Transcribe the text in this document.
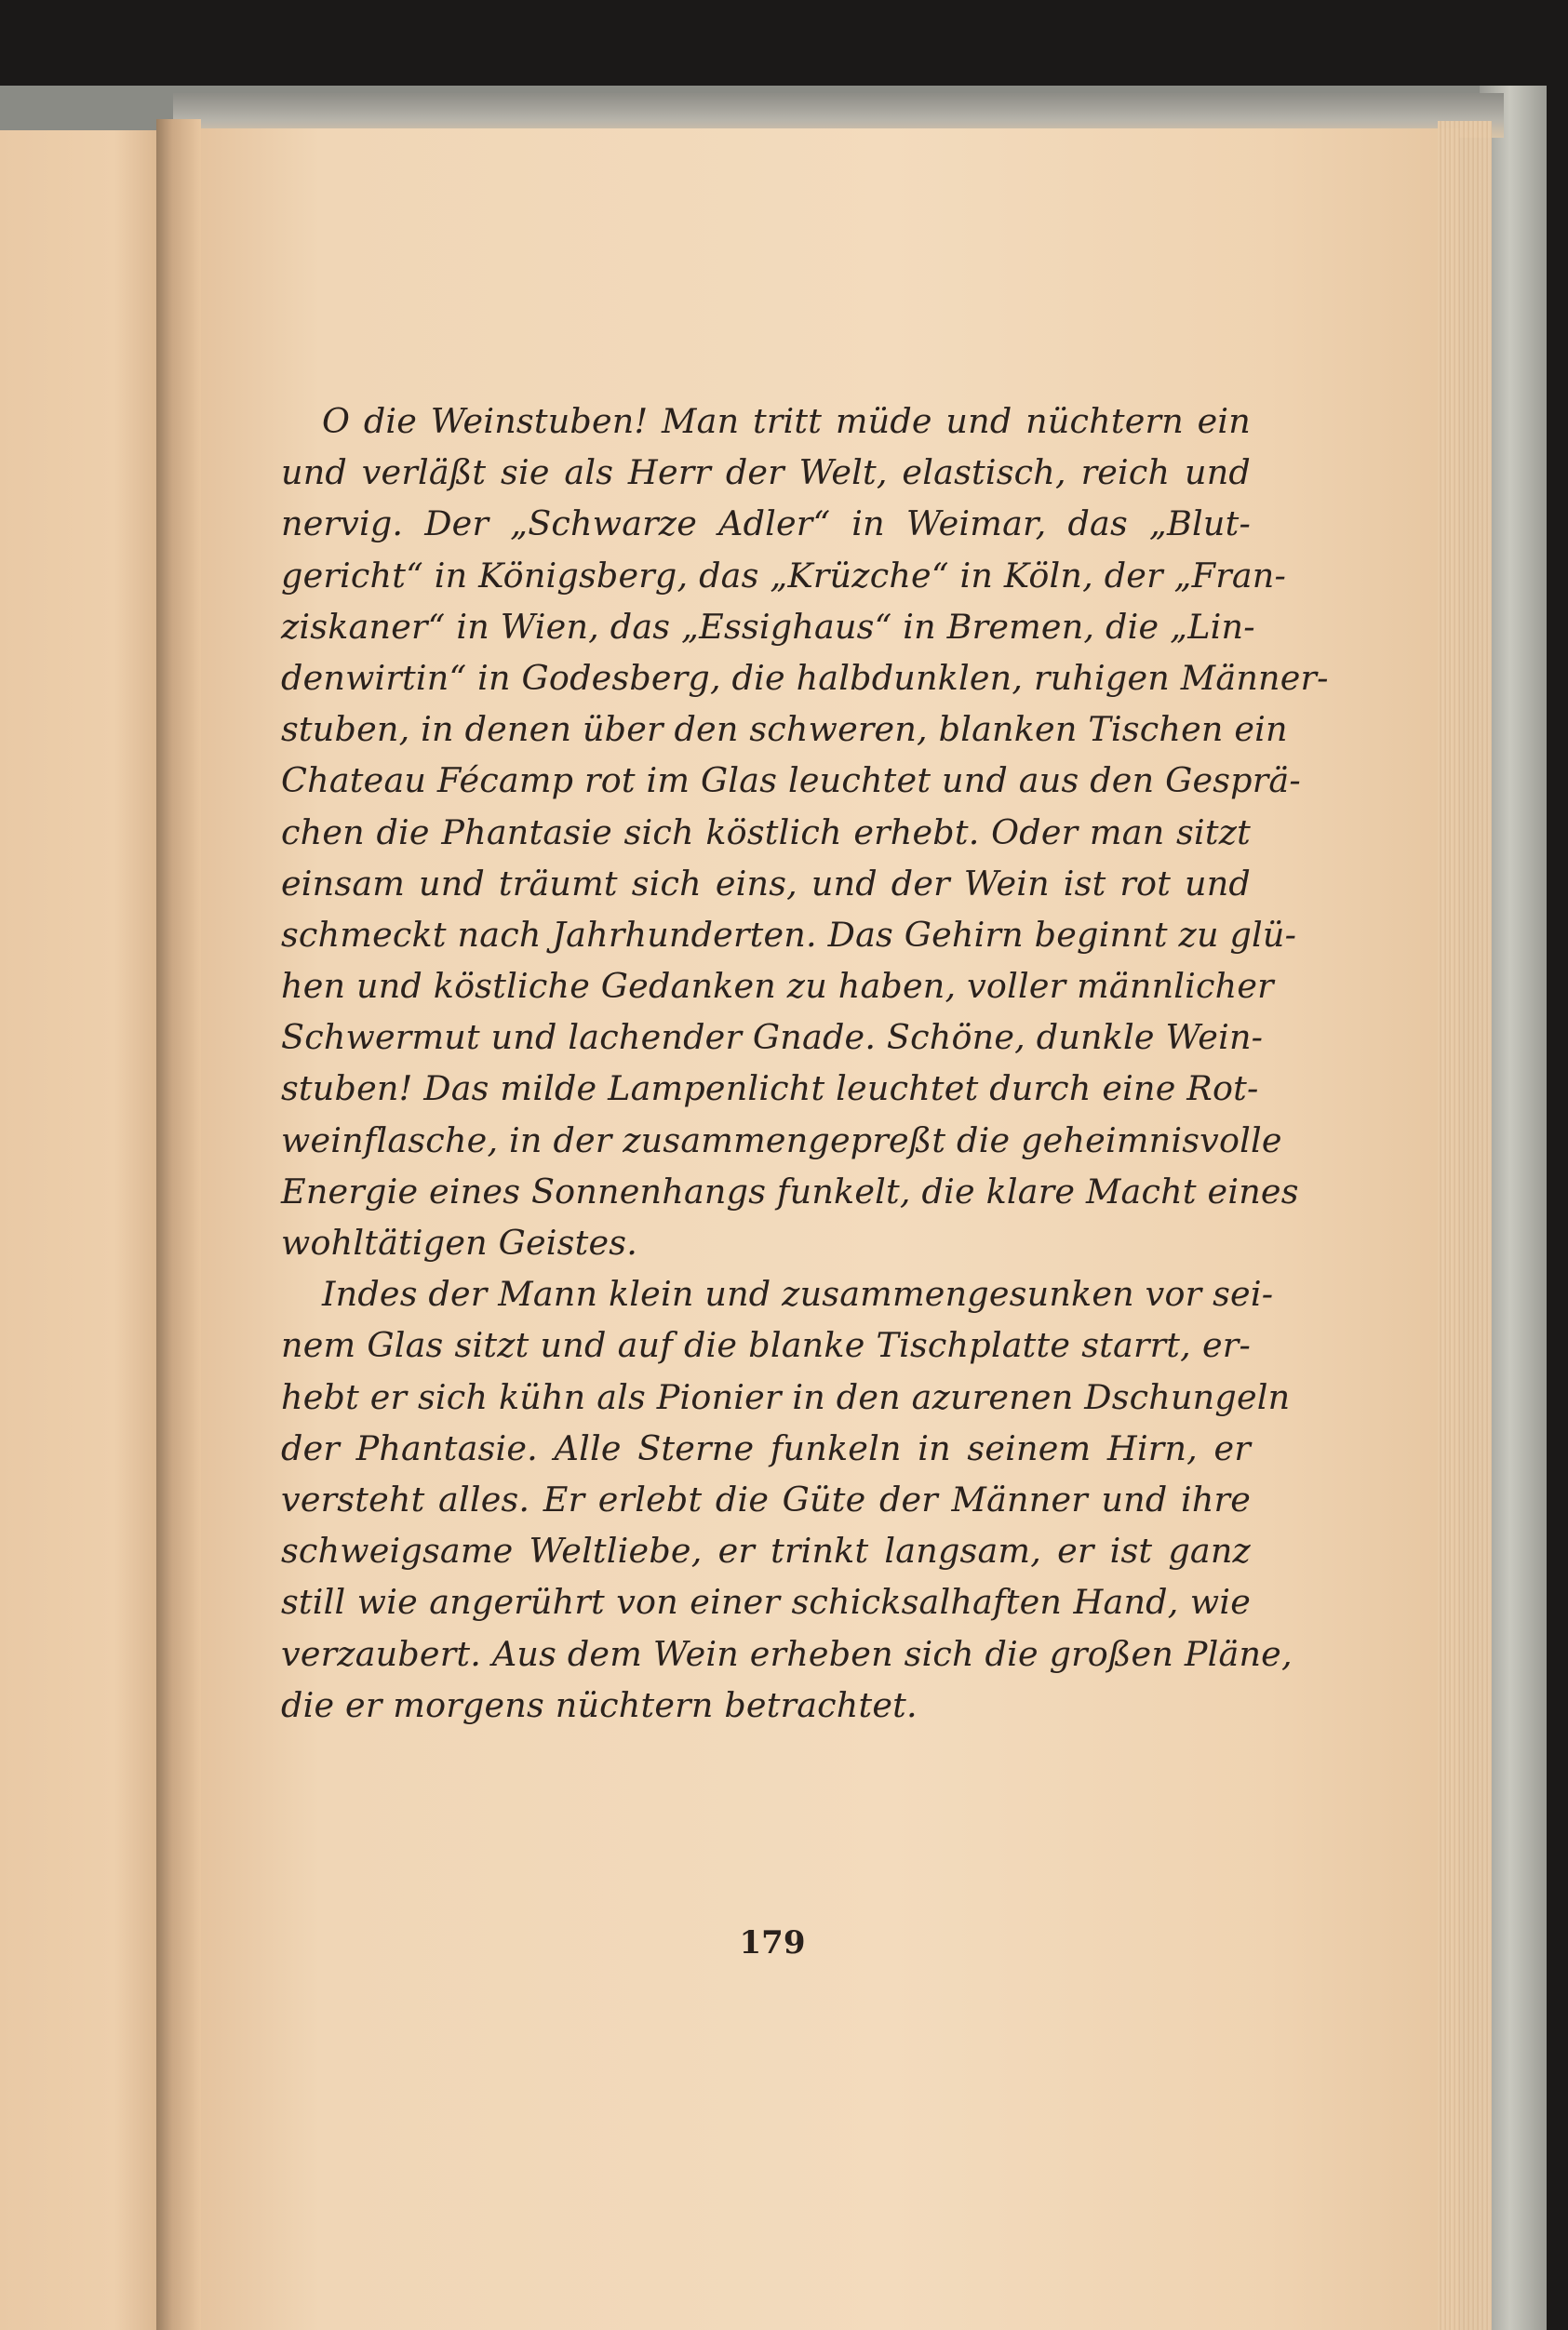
O die Weinstuben! Man tritt müde und nüchtern ein
und verläßt sie als Herr der Welt, elastisch, reich und
nervig. Der „Schwarze Adler“ in Weimar, das „Blut-
gericht“ in Königsberg, das „Krüzche“ in Köln, der „Fran-
ziskaner“ in Wien, das „Essighaus“ in Bremen, die „Lin-
denwirtin“ in Godesberg, die halbdunklen, ruhigen Männer-
stuben, in denen über den schweren, blanken Tischen ein
Chateau Fécamp rot im Glas leuchtet und aus den Gesprä-
chen die Phantasie sich köstlich erhebt. Oder man sitzt
einsam und träumt sich eins, und der Wein ist rot und
schmeckt nach Jahrhunderten. Das Gehirn beginnt zu glü-
hen und köstliche Gedanken zu haben, voller männlicher
Schwermut und lachender Gnade. Schöne, dunkle Wein-
stuben! Das milde Lampenlicht leuchtet durch eine Rot-
weinflasche, in der zusammengepreßt die geheimnisvolle
Energie eines Sonnenhangs funkelt, die klare Macht eines
wohltätigen Geistes.
Indes der Mann klein und zusammengesunken vor sei-
nem Glas sitzt und auf die blanke Tischplatte starrt, er-
hebt er sich kühn als Pionier in den azurenen Dschungeln
der Phantasie. Alle Sterne funkeln in seinem Hirn, er
versteht alles. Er erlebt die Güte der Männer und ihre
schweigsame Weltliebe, er trinkt langsam, er ist ganz
still wie angerührt von einer schicksalhaften Hand, wie
verzaubert. Aus dem Wein erheben sich die großen Pläne,
die er morgens nüchtern betrachtet.
179
